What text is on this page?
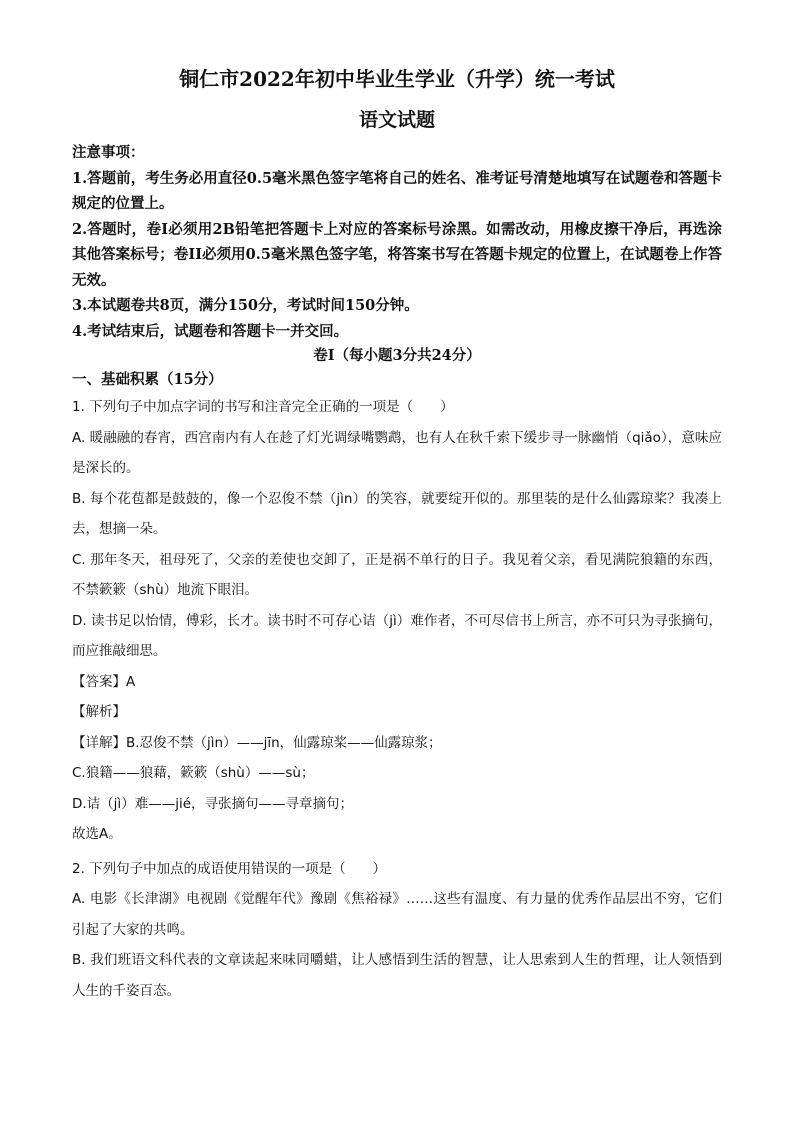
铜仁市2022年初中毕业生学业（升学）统一考试
语文试题

注意事项：

1.答题前，考生务必用直径0.5毫米黑色签字笔将自己的姓名、准考证号清楚地填写在试题卷和答题卡规定的位置上。

2.答题时，卷I必须用2B铅笔把答题卡上对应的答案标号涂黑。如需改动，用橡皮擦干净后，再选涂其他答案标号；卷II必须用0.5毫米黑色签字笔，将答案书写在答题卡规定的位置上，在试题卷上作答无效。

3.本试题卷共8页，满分150分，考试时间150分钟。

4.考试结束后，试题卷和答题卡一并交回。

卷I（每小题3分共24分）

一、基础积累（15分）

1. 下列句子中加点字词的书写和注音完全正确的一项是（　　）

A. 暖融融的春宵，西宫南内有人在趁了灯光调绿嘴鹦鹉，也有人在秋千索下缓步寻一脉幽悄（qiǎo），意味应是深长的。

B. 每个花苞都是鼓鼓的，像一个忍俊不禁（jìn）的笑容，就要绽开似的。那里装的是什么仙露琼桨？我凑上去，想摘一朵。

C. 那年冬天，祖母死了，父亲的差使也交卸了，正是祸不单行的日子。我见着父亲，看见满院狼籍的东西，不禁簌簌（shù）地流下眼泪。

D. 读书足以怡情，傅彩，长才。读书时不可存心诘（jì）难作者，不可尽信书上所言，亦不可只为寻张摘句，而应推敲细思。

【答案】A

【解析】

【详解】B.忍俊不禁（jìn）——jīn，仙露琼桨——仙露琼浆；

C.狼籍——狼藉，簌簌（shù）——sù；

D.诘（jì）难——jié，寻张摘句——寻章摘句；

故选A。

2. 下列句子中加点的成语使用错误的一项是（　　）

A. 电影《长津湖》电视剧《觉醒年代》豫剧《焦裕禄》……这些有温度、有力量的优秀作品层出不穷，它们引起了大家的共鸣。

B. 我们班语文科代表的文章读起来味同嚼蜡，让人感悟到生活的智慧，让人思索到人生的哲理，让人领悟到人生的千姿百态。
